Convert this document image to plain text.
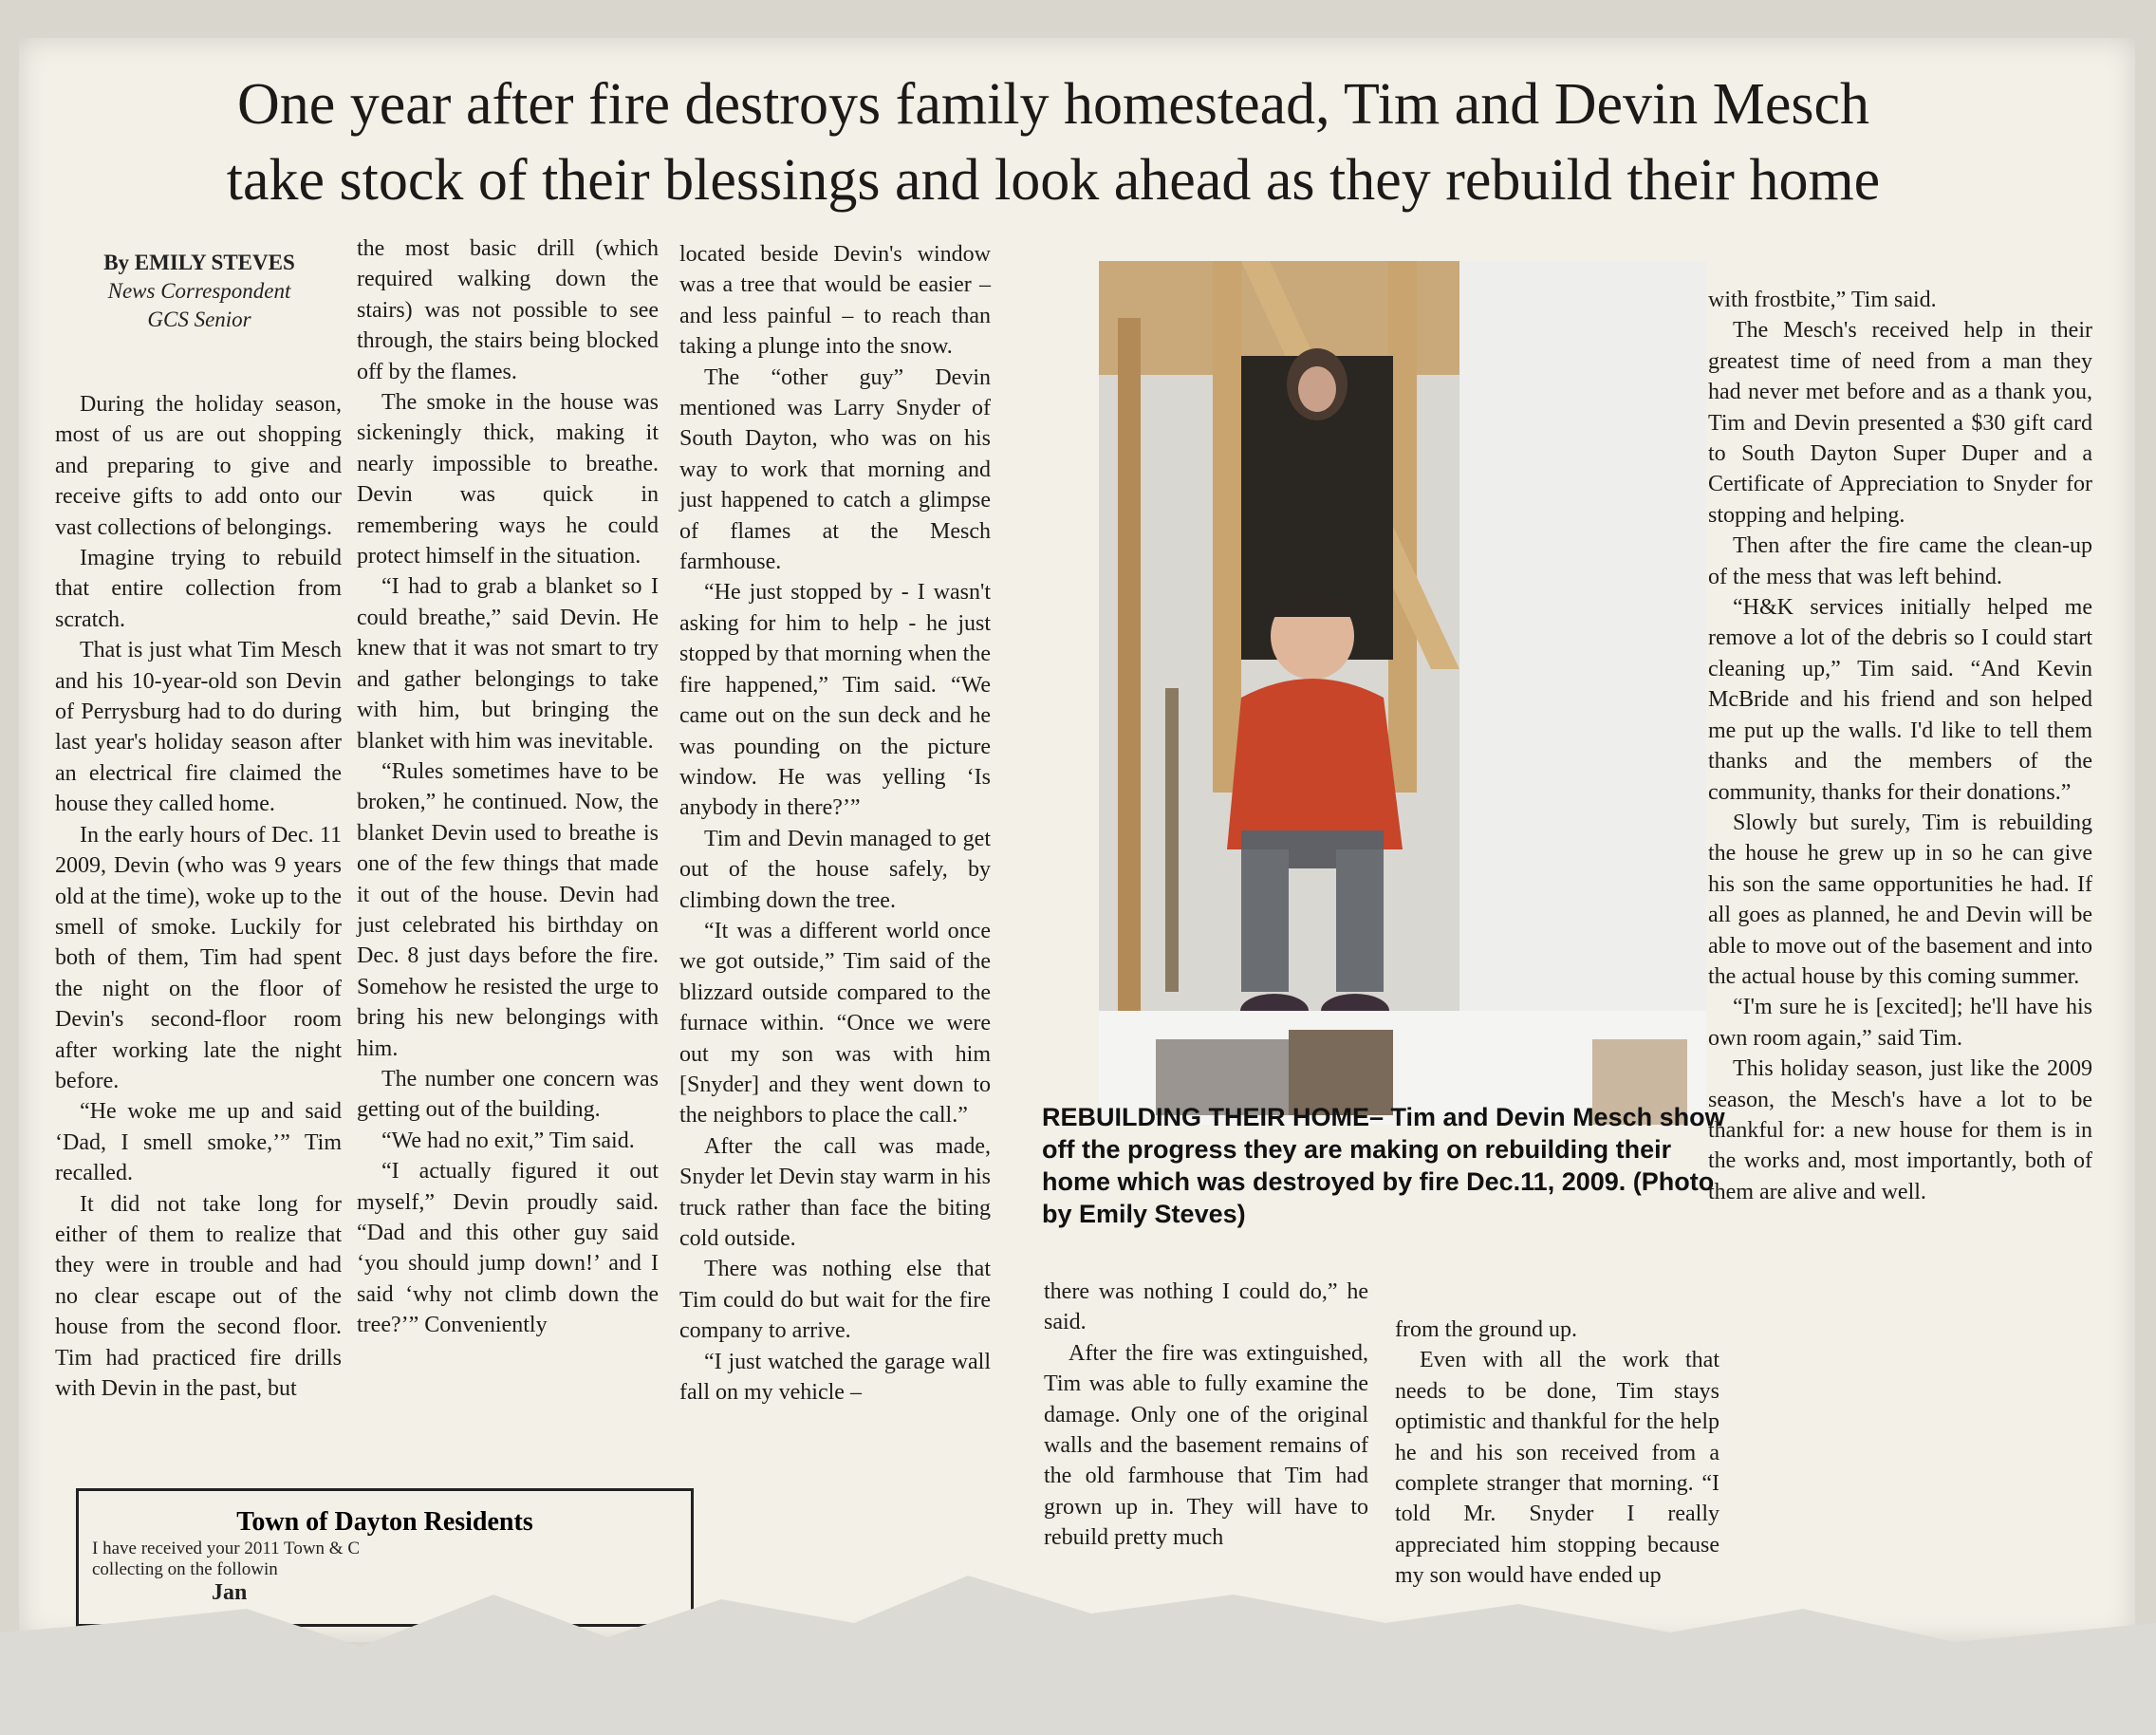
One year after fire destroys family homestead, Tim and Devin Mesch
take stock of their blessings and look ahead as they rebuild their home
By EMILY STEVES
News Correspondent
GCS Senior

During the holiday season, most of us are out shopping and preparing to give and receive gifts to add onto our vast collections of belongings.

Imagine trying to rebuild that entire collection from scratch.

That is just what Tim Mesch and his 10-year-old son Devin of Perrysburg had to do during last year's holiday season after an electrical fire claimed the house they called home.

In the early hours of Dec. 11 2009, Devin (who was 9 years old at the time), woke up to the smell of smoke. Luckily for both of them, Tim had spent the night on the floor of Devin's second-floor room after working late the night before.

“He woke me up and said ‘Dad, I smell smoke,’” Tim recalled.

It did not take long for either of them to realize that they were in trouble and had no clear escape out of the house from the second floor. Tim had practiced fire drills with Devin in the past, but

the most basic drill (which required walking down the stairs) was not possible to see through, the stairs being blocked off by the flames.

The smoke in the house was sickeningly thick, making it nearly impossible to breathe. Devin was quick in remembering ways he could protect himself in the situation.

“I had to grab a blanket so I could breathe,” said Devin. He knew that it was not smart to try and gather belongings to take with him, but bringing the blanket with him was inevitable.

“Rules sometimes have to be broken,” he continued. Now, the blanket Devin used to breathe is one of the few things that made it out of the house. Devin had just celebrated his birthday on Dec. 8 just days before the fire. Somehow he resisted the urge to bring his new belongings with him.

The number one concern was getting out of the building.

“We had no exit,” Tim said.

“I actually figured it out myself,” Devin proudly said. “Dad and this other guy said ‘you should jump down!’ and I said ‘why not climb down the tree?’” Conveniently

located beside Devin's window was a tree that would be easier – and less painful – to reach than taking a plunge into the snow.

The “other guy” Devin mentioned was Larry Snyder of South Dayton, who was on his way to work that morning and just happened to catch a glimpse of flames at the Mesch farmhouse.

“He just stopped by - I wasn't asking for him to help - he just stopped by that morning when the fire happened,” Tim said. “We came out on the sun deck and he was pounding on the picture window. He was yelling ‘Is anybody in there?’”

Tim and Devin managed to get out of the house safely, by climbing down the tree.

“It was a different world once we got outside,” Tim said of the blizzard outside compared to the furnace within. “Once we were out my son was with him [Snyder] and they went down to the neighbors to place the call.”

After the call was made, Snyder let Devin stay warm in his truck rather than face the biting cold outside.

There was nothing else that Tim could do but wait for the fire company to arrive.

“I just watched the garage wall fall on my vehicle –

REBUILDING THEIR HOME– Tim and Devin Mesch show off the progress they are making on rebuilding their home which was destroyed by fire Dec.11, 2009. (Photo by Emily Steves)

there was nothing I could do,” he said.

After the fire was extinguished, Tim was able to fully examine the damage. Only one of the original walls and the basement remains of the old farmhouse that Tim had grown up in. They will have to rebuild pretty much

from the ground up.

Even with all the work that needs to be done, Tim stays optimistic and thankful for the help he and his son received from a complete stranger that morning. “I told Mr. Snyder I really appreciated him stopping because my son would have ended up

with frostbite,” Tim said.

The Mesch's received help in their greatest time of need from a man they had never met before and as a thank you, Tim and Devin presented a $30 gift card to South Dayton Super Duper and a Certificate of Appreciation to Snyder for stopping and helping.

Then after the fire came the clean-up of the mess that was left behind.

“H&K services initially helped me remove a lot of the debris so I could start cleaning up,” Tim said. “And Kevin McBride and his friend and son helped me put up the walls. I'd like to tell them thanks and the members of the community, thanks for their donations.”

Slowly but surely, Tim is rebuilding the house he grew up in so he can give his son the same opportunities he had. If all goes as planned, he and Devin will be able to move out of the basement and into the actual house by this coming summer.

“I'm sure he is [excited]; he'll have his own room again,” said Tim.

This holiday season, just like the 2009 season, the Mesch's have a lot to be thankful for: a new house for them is in the works and, most importantly, both of them are alive and well.

Town of Dayton Residents
I have received your 2011 Town & C
collecting on the followin
Jan
